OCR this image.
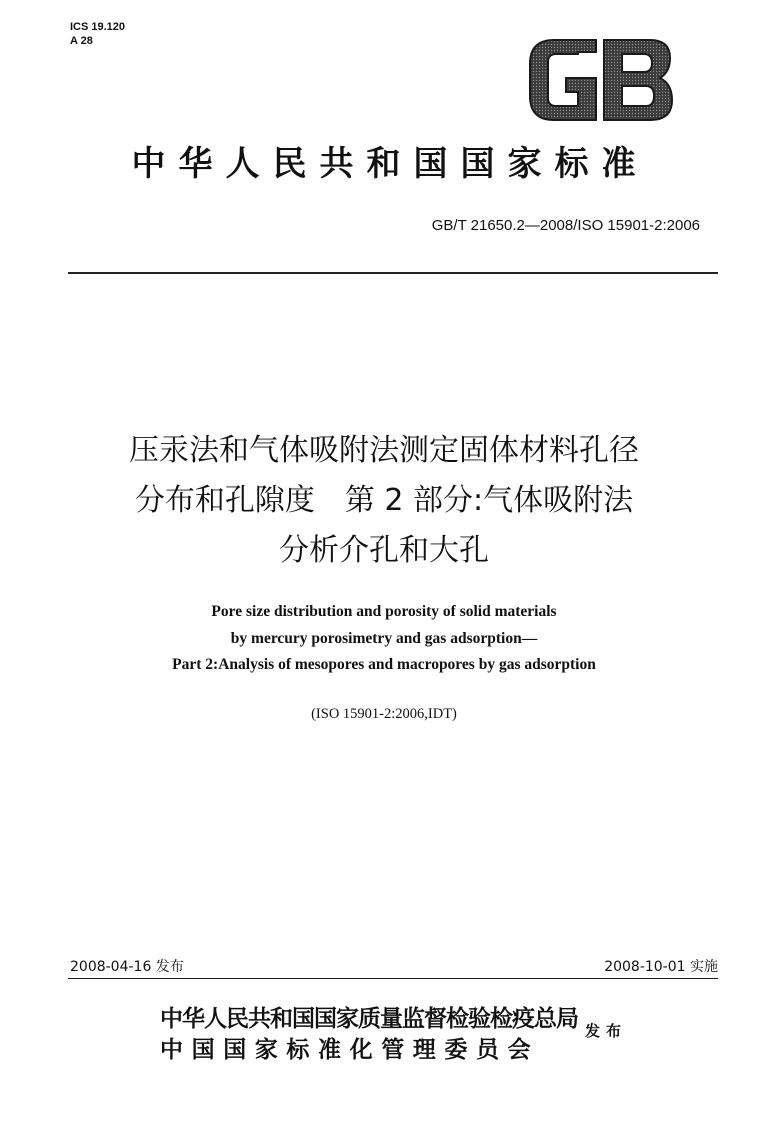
ICS 19.120
A 28
中华人民共和国国家标准
GB/T 21650.2—2008/ISO 15901-2:2006
压汞法和气体吸附法测定固体材料孔径
分布和孔隙度　第 2 部分:气体吸附法
分析介孔和大孔
Pore size distribution and porosity of solid materials
by mercury porosimetry and gas adsorption—
Part 2:Analysis of mesopores and macropores by gas adsorption
(ISO 15901-2:2006,IDT)
2008-04-16 发布	2008-10-01 实施
中华人民共和国国家质量监督检验检疫总局
中国国家标准化管理委员会
发布
